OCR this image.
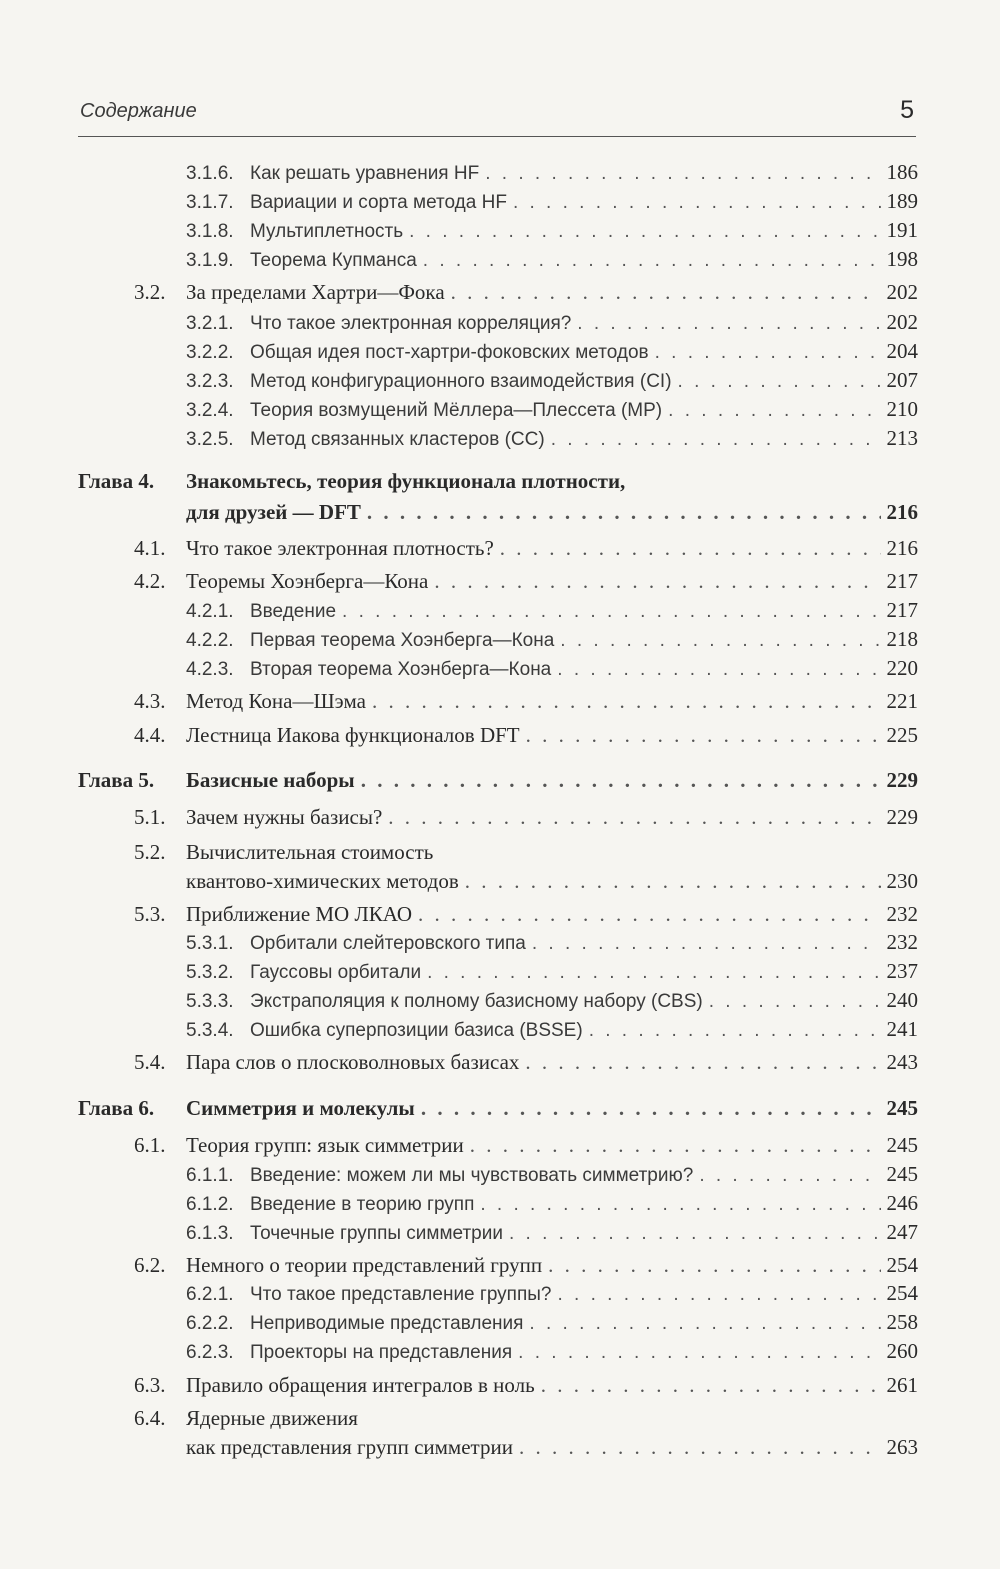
Содержание	5
3.1.6. Как решать уравнения HF . . .	186
3.1.7. Вариации и сорта метода HF . . .	189
3.1.8. Мультиплетность . . .	191
3.1.9. Теорема Купманса . . .	198
3.2. За пределами Хартри—Фока . . .	202
3.2.1. Что такое электронная корреляция? . . .	202
3.2.2. Общая идея пост-хартри-фоковских методов . . .	204
3.2.3. Метод конфигурационного взаимодействия (CI) . . .	207
3.2.4. Теория возмущений Мёллера—Плессета (MP) . . .	210
3.2.5. Метод связанных кластеров (CC) . . .	213
Глава 4. Знакомьтесь, теория функционала плотности,
для друзей — DFT . . .	216
4.1. Что такое электронная плотность? . . .	216
4.2. Теоремы Хоэнберга—Кона . . .	217
4.2.1. Введение . . .	217
4.2.2. Первая теорема Хоэнберга—Кона . . .	218
4.2.3. Вторая теорема Хоэнберга—Кона . . .	220
4.3. Метод Кона—Шэма . . .	221
4.4. Лестница Иакова функционалов DFT . . .	225
Глава 5.	Базисные наборы . . .	229
5.1. Зачем нужны базисы? . . .	229
5.2. Вычислительная стоимость
квантово-химических методов . . .	230
5.3. Приближение МО ЛКАО . . .	232
5.3.1. Орбитали слейтеровского типа . . .	232
5.3.2. Гауссовы орбитали . . .	237
5.3.3. Экстраполяция к полному базисному набору (CBS) . . .	240
5.3.4. Ошибка суперпозиции базиса (BSSE) . . .	241
5.4. Пара слов о плосковолновых базисах . . .	243
Глава 6.	Симметрия и молекулы . . .	245
6.1. Теория групп: язык симметрии . . .	245
6.1.1. Введение: можем ли мы чувствовать симметрию? . . .	245
6.1.2. Введение в теорию групп . . .	246
6.1.3. Точечные группы симметрии . . .	247
6.2. Немного о теории представлений групп . . .	254
6.2.1. Что такое представление группы? . . .	254
6.2.2. Неприводимые представления . . .	258
6.2.3. Проекторы на представления . . .	260
6.3. Правило обращения интегралов в ноль . . .	261
6.4. Ядерные движения
как представления групп симметрии . . .	263
